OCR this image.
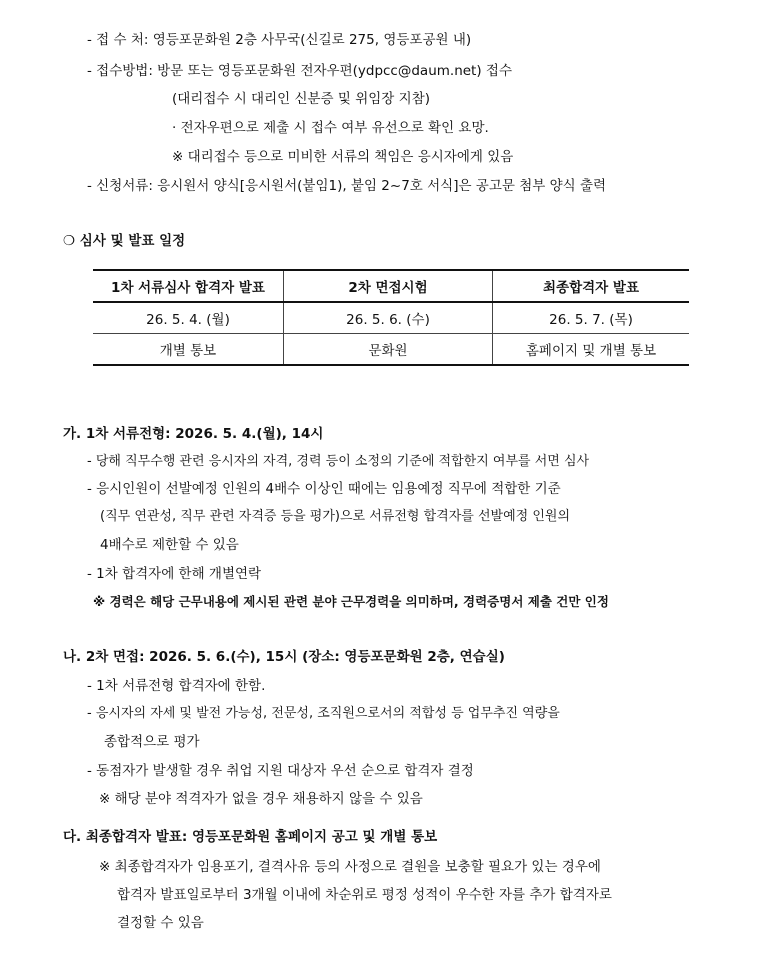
- 접 수 처: 영등포문화원 2층 사무국(신길로 275, 영등포공원 내)
- 접수방법: 방문 또는 영등포문화원 전자우편(ydpcc@daum.net) 접수
(대리접수 시 대리인 신분증 및 위임장 지참)
· 전자우편으로 제출 시 접수 여부 유선으로 확인 요망.
※ 대리접수 등으로 미비한 서류의 책임은 응시자에게 있음
- 신청서류: 응시원서 양식[응시원서(붙임1), 붙임 2~7호 서식]은 공고문 첨부 양식 출력
❍ 심사 및 발표 일정
1차 서류심사 합격자 발표	2차 면접시험	최종합격자 발표
26. 5. 4. (월)	26. 5. 6. (수)	26. 5. 7. (목)
개별 통보	문화원	홈페이지 및 개별 통보
가. 1차 서류전형: 2026. 5. 4.(월), 14시
- 당해 직무수행 관련 응시자의 자격, 경력 등이 소정의 기준에 적합한지 여부를 서면 심사
- 응시인원이 선발예정 인원의 4배수 이상인 때에는 임용예정 직무에 적합한 기준
(직무 연관성, 직무 관련 자격증 등을 평가)으로 서류전형 합격자를 선발예정 인원의
4배수로 제한할 수 있음
- 1차 합격자에 한해 개별연락
※ 경력은 해당 근무내용에 제시된 관련 분야 근무경력을 의미하며, 경력증명서 제출 건만 인정
나. 2차 면접: 2026. 5. 6.(수), 15시 (장소: 영등포문화원 2층, 연습실)
- 1차 서류전형 합격자에 한함.
- 응시자의 자세 및 발전 가능성, 전문성, 조직원으로서의 적합성 등 업무추진 역량을
종합적으로 평가
- 동점자가 발생할 경우 취업 지원 대상자 우선 순으로 합격자 결정
※ 해당 분야 적격자가 없을 경우 채용하지 않을 수 있음
다. 최종합격자 발표: 영등포문화원 홈페이지 공고 및 개별 통보
※ 최종합격자가 임용포기, 결격사유 등의 사정으로 결원을 보충할 필요가 있는 경우에
합격자 발표일로부터 3개월 이내에 차순위로 평정 성적이 우수한 자를 추가 합격자로
결정할 수 있음
